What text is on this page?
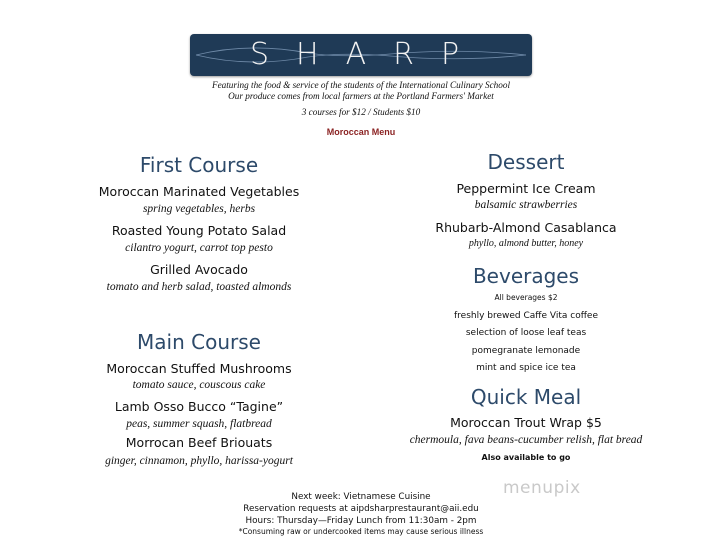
SHARP
Featuring the food & service of the students of the International Culinary School
Our produce comes from local farmers at the Portland Farmers' Market
3 courses for $12 / Students $10
Moroccan Menu
First Course
Moroccan Marinated Vegetables
spring vegetables, herbs
Roasted Young Potato Salad
cilantro yogurt, carrot top pesto
Grilled Avocado
tomato and herb salad, toasted almonds
Main Course
Moroccan Stuffed Mushrooms
tomato sauce, couscous cake
Lamb Osso Bucco “Tagine”
peas, summer squash, flatbread
Morrocan Beef Briouats
ginger, cinnamon, phyllo, harissa-yogurt
Dessert
Peppermint Ice Cream
balsamic strawberries
Rhubarb-Almond Casablanca
phyllo, almond butter, honey
Beverages
All beverages $2
freshly brewed Caffe Vita coffee
selection of loose leaf teas
pomegranate lemonade
mint and spice ice tea
Quick Meal
Moroccan Trout Wrap $5
chermoula, fava beans-cucumber relish, flat bread
Also available to go
Next week: Vietnamese Cuisine
Reservation requests at aipdsharprestaurant@aii.edu
Hours: Thursday—Friday Lunch from 11:30am - 2pm
*Consuming raw or undercooked items may cause serious illness
menupix
